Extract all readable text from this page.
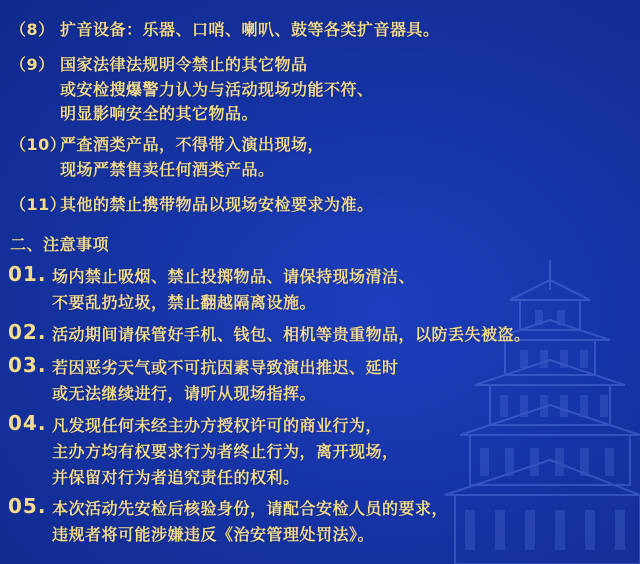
（8） 扩音设备：乐器、口哨、喇叭、鼓等各类扩音器具。
（9） 国家法律法规明令禁止的其它物品
或安检搜爆警力认为与活动现场功能不符、
明显影响安全的其它物品。
（10）
严查酒类产品，不得带入演出现场，
现场严禁售卖任何酒类产品。
（11）
其他的禁止携带物品以现场安检要求为准。
二、注意事项
01. 场内禁止吸烟、禁止投掷物品、请保持现场清洁、
不要乱扔垃圾，禁止翻越隔离设施。
02. 活动期间请保管好手机、钱包、相机等贵重物品，以防丢失被盗。
03. 若因恶劣天气或不可抗因素导致演出推迟、延时
或无法继续进行，请听从现场指挥。
04. 凡发现任何未经主办方授权许可的商业行为，
主办方均有权要求行为者终止行为，离开现场，
并保留对行为者追究责任的权利。
05. 本次活动先安检后核验身份，请配合安检人员的要求，
违规者将可能涉嫌违反《治安管理处罚法》。
